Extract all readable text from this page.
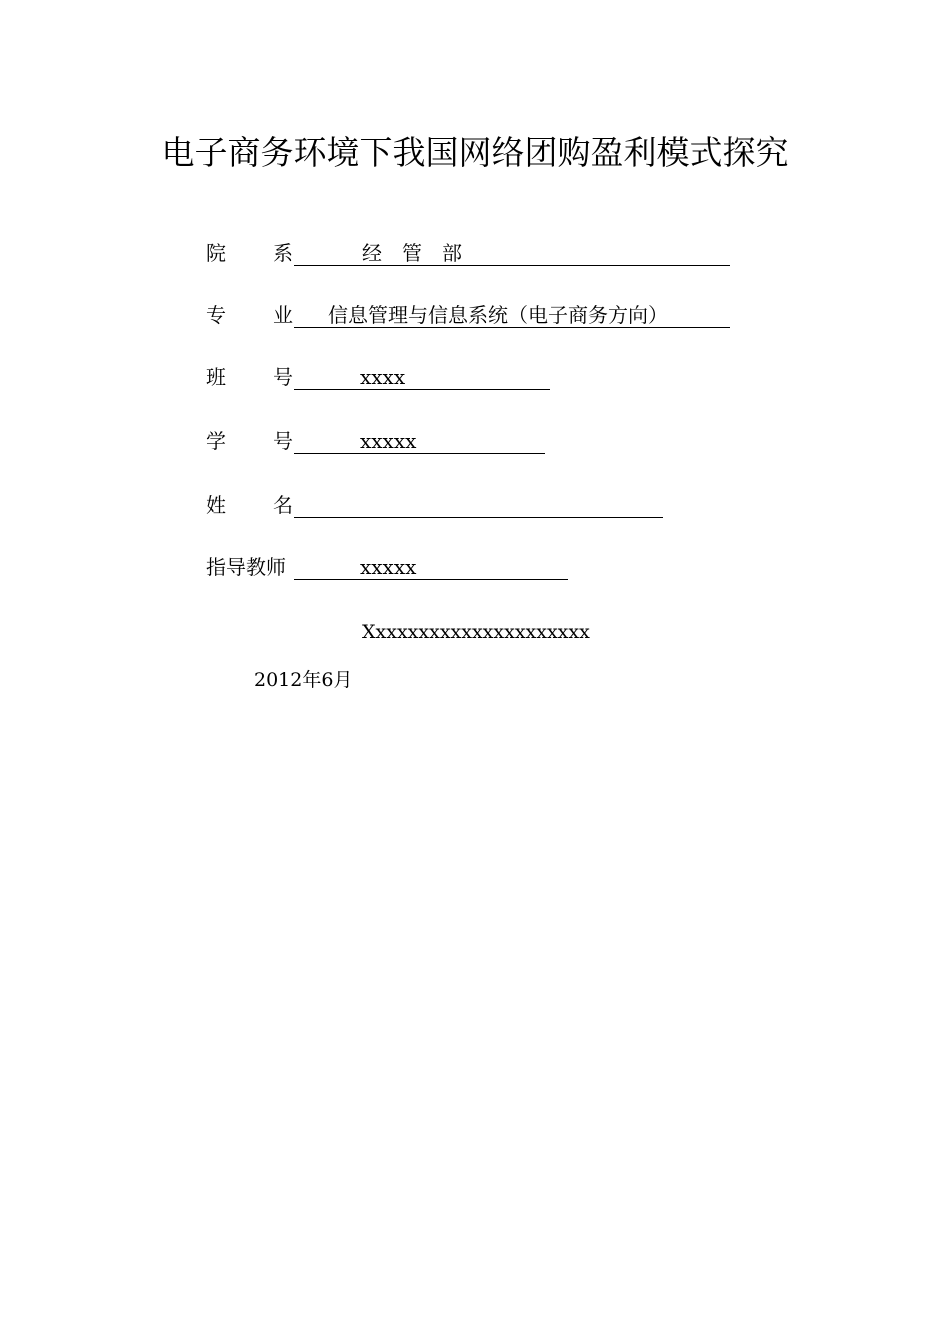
电子商务环境下我国网络团购盈利模式探究
院 系	经　管　部
专 业 信息管理与信息系统（电子商务方向）
班 号	xxxx
学 号	xxxxx
姓 名
指导教师	xxxxx
Xxxxxxxxxxxxxxxxxxxxx
2012年6月
